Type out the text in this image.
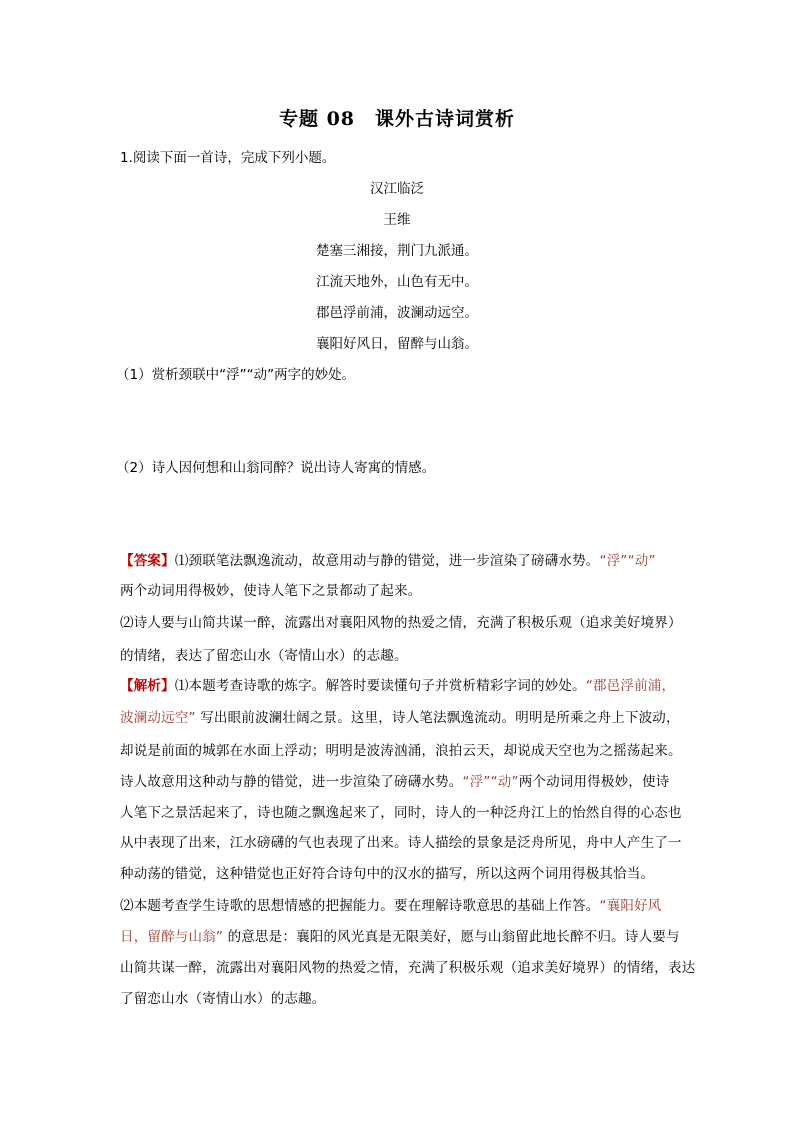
专题 08　课外古诗词赏析
1.阅读下面一首诗，完成下列小题。
汉江临泛
王维
楚塞三湘接，荆门九派通。
江流天地外，山色有无中。
郡邑浮前浦，波澜动远空。
襄阳好风日，留醉与山翁。
（1）赏析颈联中“浮”“动”两字的妙处。
（2）诗人因何想和山翁同醉？说出诗人寄寓的情感。
【答案】⑴颈联笔法飘逸流动，故意用动与静的错觉，进一步渲染了磅礴水势。“浮”“动”
两个动词用得极妙，使诗人笔下之景都动了起来。
⑵诗人要与山简共谋一醉，流露出对襄阳风物的热爱之情，充满了积极乐观（追求美好境界）
的情绪，表达了留恋山水（寄情山水）的志趣。
【解析】⑴本题考查诗歌的炼字。解答时要读懂句子并赏析精彩字词的妙处。“郡邑浮前浦，
波澜动远空” 写出眼前波澜壮阔之景。这里，诗人笔法飘逸流动。明明是所乘之舟上下波动，
却说是前面的城郭在水面上浮动；明明是波涛汹涌，浪拍云天，却说成天空也为之摇荡起来。
诗人故意用这种动与静的错觉，进一步渲染了磅礴水势。“浮”“动”两个动词用得极妙，使诗
人笔下之景活起来了，诗也随之飘逸起来了，同时，诗人的一种泛舟江上的怡然自得的心态也
从中表现了出来，江水磅礴的气也表现了出来。诗人描绘的景象是泛舟所见，舟中人产生了一
种动荡的错觉，这种错觉也正好符合诗句中的汉水的描写，所以这两个词用得极其恰当。
⑵本题考查学生诗歌的思想情感的把握能力。要在理解诗歌意思的基础上作答。“襄阳好风
日，留醉与山翁” 的意思是：襄阳的风光真是无限美好，愿与山翁留此地长醉不归。诗人要与
山简共谋一醉，流露出对襄阳风物的热爱之情，充满了积极乐观（追求美好境界）的情绪，表达
了留恋山水（寄情山水）的志趣。
